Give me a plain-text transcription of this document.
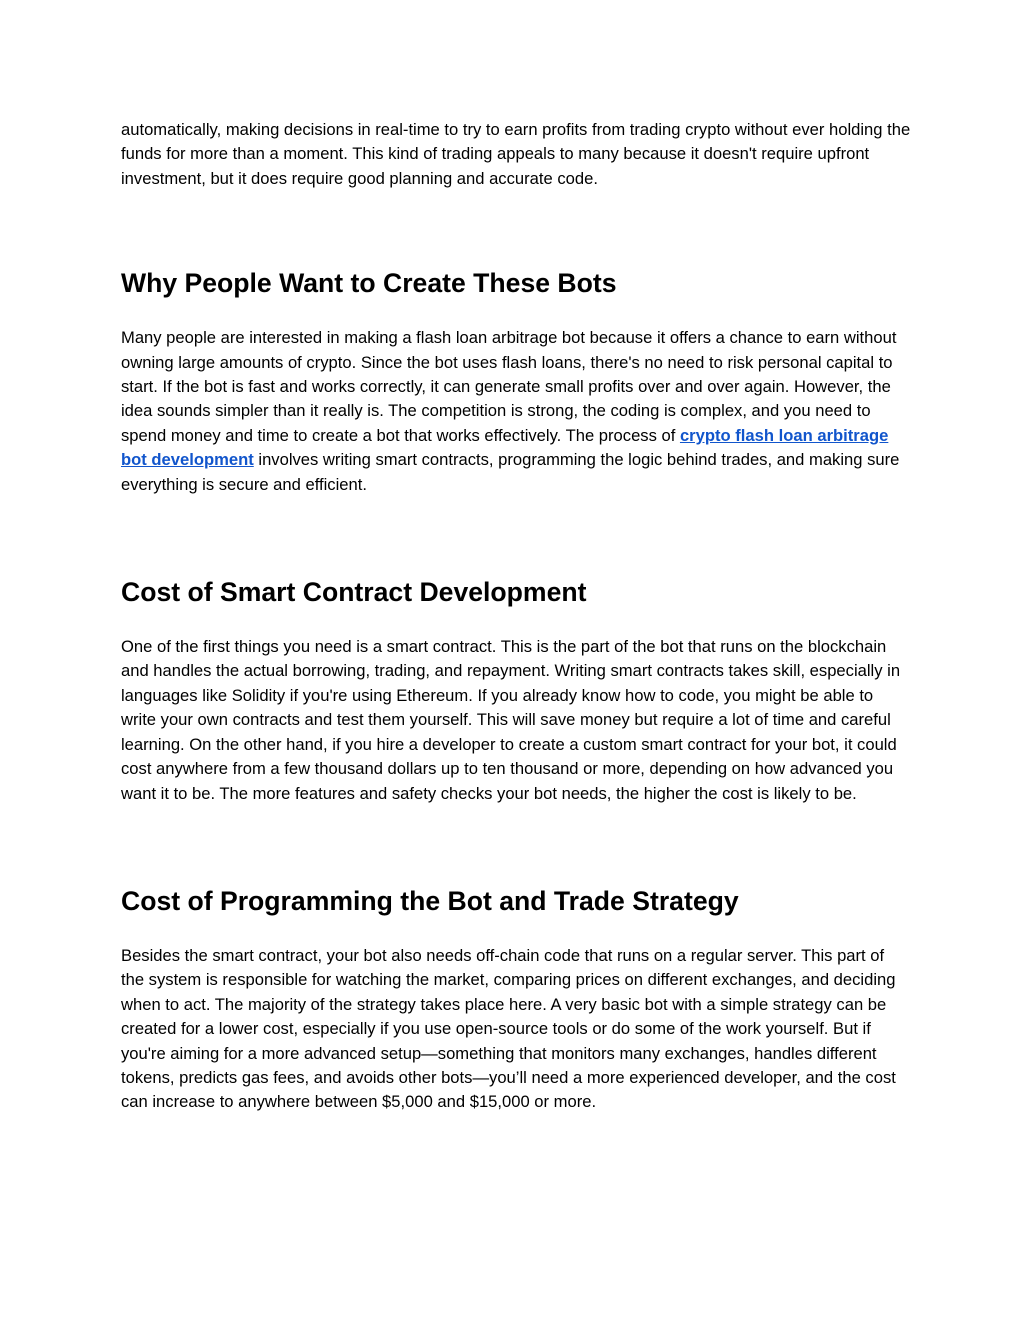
automatically, making decisions in real-time to try to earn profits from trading crypto without ever holding the funds for more than a moment. This kind of trading appeals to many because it doesn't require upfront investment, but it does require good planning and accurate code.

Why People Want to Create These Bots

Many people are interested in making a flash loan arbitrage bot because it offers a chance to earn without owning large amounts of crypto. Since the bot uses flash loans, there's no need to risk personal capital to start. If the bot is fast and works correctly, it can generate small profits over and over again. However, the idea sounds simpler than it really is. The competition is strong, the coding is complex, and you need to spend money and time to create a bot that works effectively. The process of crypto flash loan arbitrage bot development involves writing smart contracts, programming the logic behind trades, and making sure everything is secure and efficient.

Cost of Smart Contract Development

One of the first things you need is a smart contract. This is the part of the bot that runs on the blockchain and handles the actual borrowing, trading, and repayment. Writing smart contracts takes skill, especially in languages like Solidity if you're using Ethereum. If you already know how to code, you might be able to write your own contracts and test them yourself. This will save money but require a lot of time and careful learning. On the other hand, if you hire a developer to create a custom smart contract for your bot, it could cost anywhere from a few thousand dollars up to ten thousand or more, depending on how advanced you want it to be. The more features and safety checks your bot needs, the higher the cost is likely to be.

Cost of Programming the Bot and Trade Strategy

Besides the smart contract, your bot also needs off-chain code that runs on a regular server. This part of the system is responsible for watching the market, comparing prices on different exchanges, and deciding when to act. The majority of the strategy takes place here. A very basic bot with a simple strategy can be created for a lower cost, especially if you use open-source tools or do some of the work yourself. But if you're aiming for a more advanced setup—something that monitors many exchanges, handles different tokens, predicts gas fees, and avoids other bots—you’ll need a more experienced developer, and the cost can increase to anywhere between $5,000 and $15,000 or more.
